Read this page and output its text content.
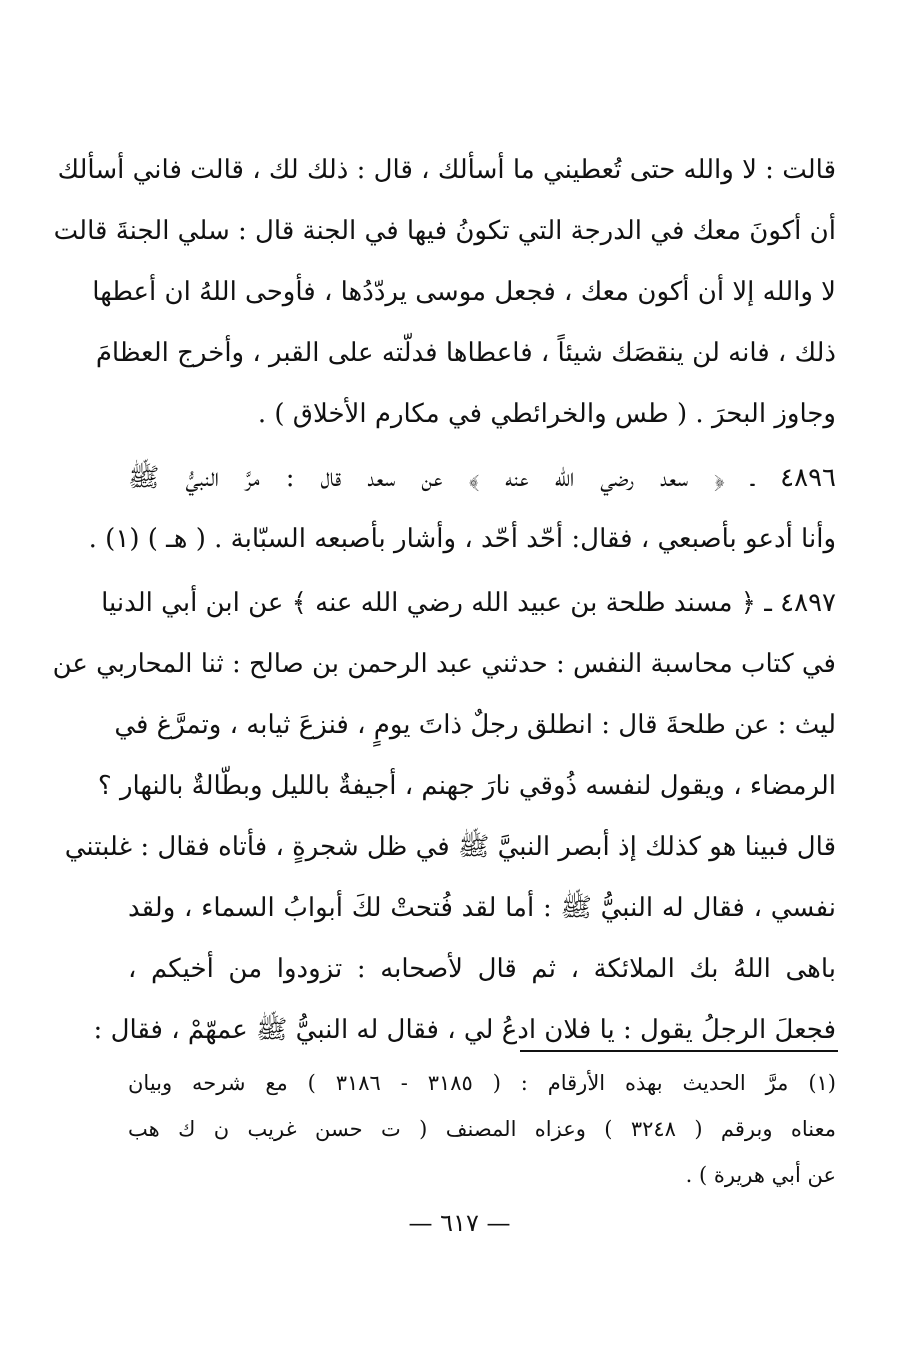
قالت : لا والله حتى تُعطيني ما أسألك ، قال : ذلك لك ، قالت فاني أسألك
أن أكونَ معك في الدرجة التي تكونُ فيها في الجنة قال : سلي الجنةَ قالت
لا والله إلا أن أكون معك ، فجعل موسى يردّدُها ، فأوحى اللهُ ان أعطها
ذلك ، فانه لن ينقصَك شيئاً ، فاعطاها فدلّته على القبر ، وأخرج العظامَ
وجاوز البحرَ . ( طس والخرائطي في مكارم الأخلاق ) .
٤٨٩٦ ـ ﴿ سعد رضي الله عنه ﴾ عن سعد قال : مرَّ النبيُّ ﷺ
وأنا أدعو بأصبعي ، فقال: أحّد أحّد ، وأشار بأصبعه السبّابة . ( هـ ) (١) .
٤٨٩٧ ـ ﴿ مسند طلحة بن عبيد الله رضي الله عنه ﴾ عن ابن أبي الدنيا
في كتاب محاسبة النفس : حدثني عبد الرحمن بن صالح : ثنا المحاربي عن
ليث : عن طلحةَ قال : انطلق رجلٌ ذاتَ يومٍ ، فنزعَ ثيابه ، وتمرَّغ في
الرمضاء ، ويقول لنفسه ذُوقي نارَ جهنم ، أجيفةٌ بالليل وبطّالةٌ بالنهار ؟
قال فبينا هو كذلك إذ أبصر النبيَّ ﷺ في ظل شجرةٍ ، فأتاه فقال : غلبتني
نفسي ، فقال له النبيُّ ﷺ : أما لقد فُتحتْ لكَ أبوابُ السماء ، ولقد
باهى اللهُ بك الملائكة ، ثم قال لأصحابه : تزودوا من أخيكم ،
فجعلَ الرجلُ يقول : يا فلان ادعُ لي ، فقال له النبيُّ ﷺ عمهّمْ ، فقال :
(١) مرَّ الحديث بهذه الأرقام : ( ٣١٨٥ - ٣١٨٦ ) مع شرحه وبيان
معناه وبرقم ( ٣٢٤٨ ) وعزاه المصنف ( ت حسن غريب ن ك هب
عن أبي هريرة ) .
— ٦١٧ —
